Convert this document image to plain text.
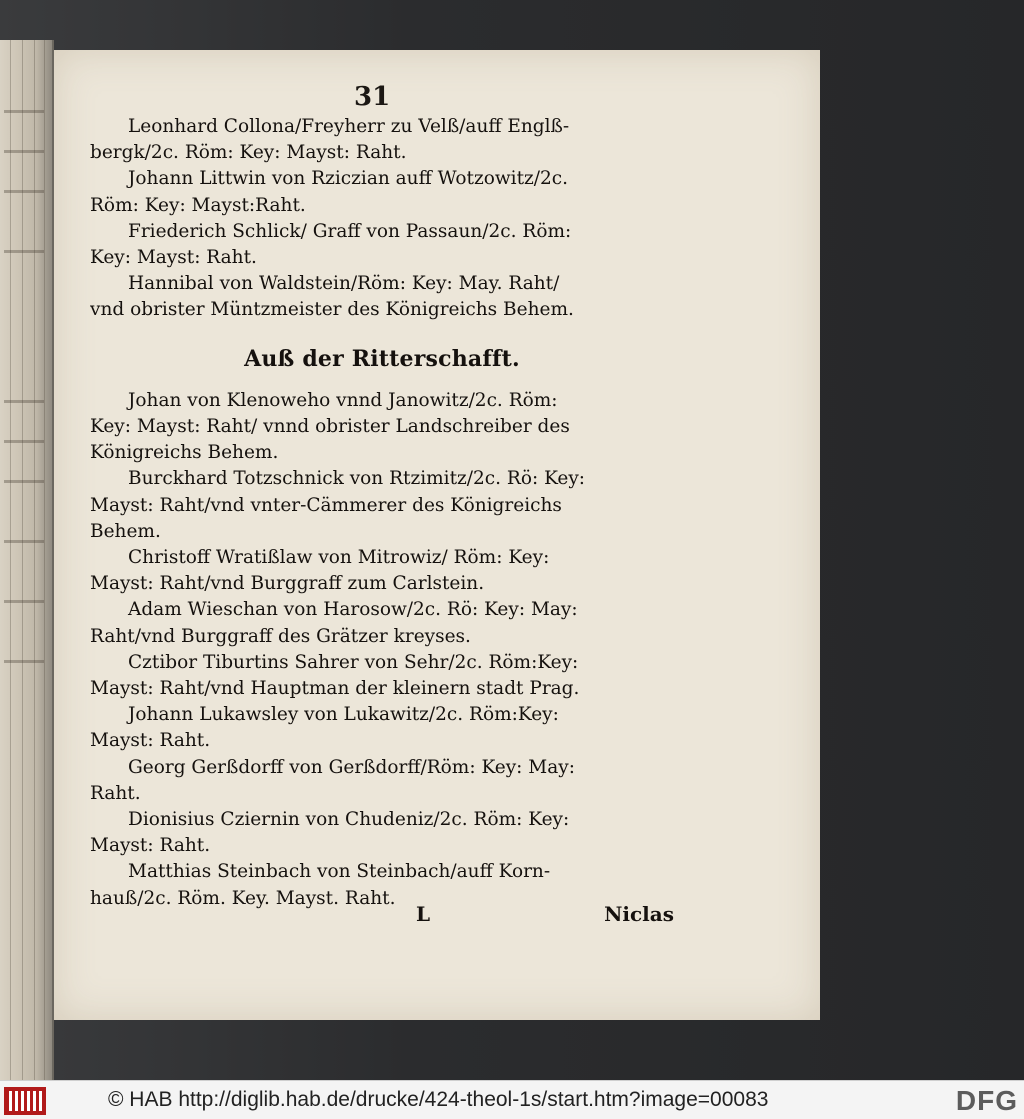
31
Leonhard Collona/Freyherr zu Velß/auff Englß-
bergk/2c. Röm: Key: Mayst: Raht.
Johann Littwin von Rziczian auff Wotzowitz/2c.
Röm: Key: Mayst:Raht.
Friederich Schlick/ Graff von Passaun/2c. Röm:
Key: Mayst: Raht.
Hannibal von Waldstein/Röm: Key: May. Raht/
vnd obrister Müntzmeister des Königreichs Behem.
Auß der Ritterschafft.
Johan von Klenoweho vnnd Janowitz/2c. Röm:
Key: Mayst: Raht/ vnnd obrister Landschreiber des
Königreichs Behem.
Burckhard Totzschnick von Rtzimitz/2c. Rö: Key:
Mayst: Raht/vnd vnter-Cämmerer des Königreichs
Behem.
Christoff Wratißlaw von Mitrowiz/ Röm: Key:
Mayst: Raht/vnd Burggraff zum Carlstein.
Adam Wieschan von Harosow/2c. Rö: Key: May:
Raht/vnd Burggraff des Grätzer kreyses.
Cztibor Tiburtins Sahrer von Sehr/2c. Röm:Key:
Mayst: Raht/vnd Hauptman der kleinern stadt Prag.
Johann Lukawsley von Lukawitz/2c. Röm:Key:
Mayst: Raht.
Georg Gerßdorff von Gerßdorff/Röm: Key: May:
Raht.
Dionisius Cziernin von Chudeniz/2c. Röm: Key:
Mayst: Raht.
Matthias Steinbach von Steinbach/auff Korn-
hauß/2c. Röm. Key. Mayst. Raht.
L	Niclas
© HAB http://diglib.hab.de/drucke/424-theol-1s/start.htm?image=00083	DFG
